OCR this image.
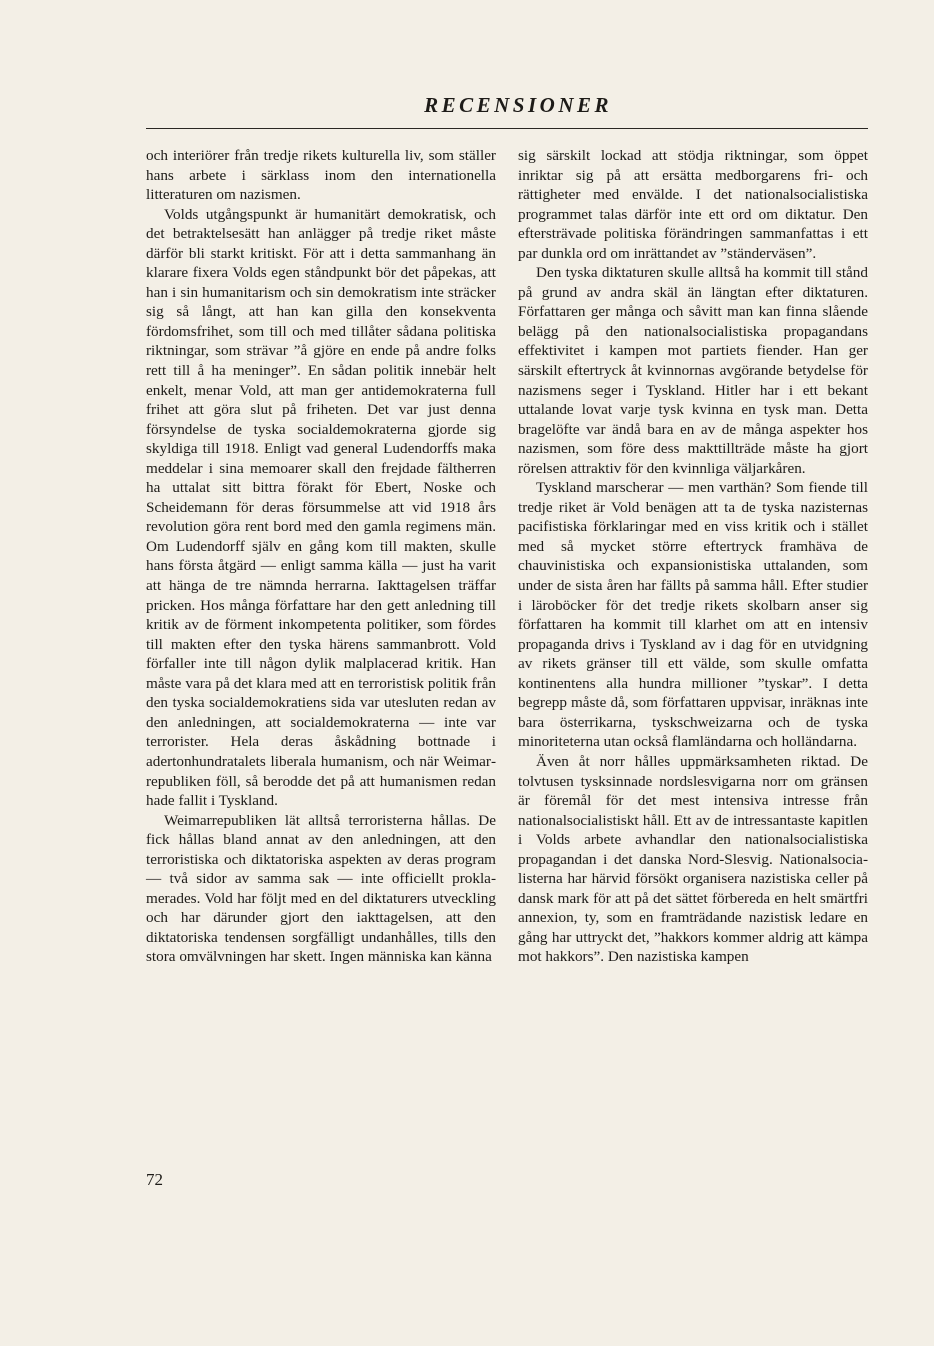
RECENSIONER

och interiörer från tredje rikets kulturella liv, som ställer hans arbete i särklass inom den internationella litteraturen om nazismen.

Volds utgångspunkt är humanitärt demokratisk, och det betraktelsesätt han anlägger på tredje riket måste därför bli starkt kritiskt. För att i detta sammanhang än klarare fixera Volds egen ståndpunkt bör det påpekas, att han i sin humanitarism och sin demokratism inte sträcker sig så långt, att han kan gilla den konsekventa fördomsfrihet, som till och med tillåter sådana politiska riktningar, som strävar ”å gjöre en ende på andre folks rett till å ha meninger”. En sådan politik innebär helt enkelt, menar Vold, att man ger antidemokraterna full frihet att göra slut på friheten. Det var just denna försyndelse de tyska socialdemokraterna gjorde sig skyldiga till 1918. Enligt vad general Ludendorffs maka meddelar i sina memoarer skall den frejdade fältherren ha uttalat sitt bittra förakt för Ebert, Noske och Scheidemann för deras försummelse att vid 1918 års revolution göra rent bord med den gamla regimens män. Om Ludendorff själv en gång kom till makten, skulle hans första åtgärd — enligt samma källa — just ha varit att hänga de tre nämnda herrarna. Iakttagelsen träffar pricken. Hos många författare har den gett anledning till kritik av de förment inkompetenta politiker, som fördes till makten efter den tyska härens sammanbrott. Vold förfaller inte till någon dylik malplacerad kritik. Han måste vara på det klara med att en terroristisk politik från den tyska socialdemokratiens sida var utesluten redan av den anledningen, att socialdemokraterna — inte var terrorister. Hela deras åskådning bottnade i adertonhundratalets liberala humanism, och när Weimarrepubliken föll, så berodde det på att humanismen redan hade fallit i Tyskland.

Weimarrepubliken lät alltså terroristerna hållas. De fick hållas bland annat av den anledningen, att den terroristiska och diktatoriska aspekten av deras program — två sidor av samma sak — inte officiellt proklamerades. Vold har följt med en del diktaturers utveckling och har därunder gjort den iakttagelsen, att den diktatoriska tendensen sorgfälligt undanhålles, tills den stora omvälvningen har skett. Ingen människa kan känna

sig särskilt lockad att stödja riktningar, som öppet inriktar sig på att ersätta medborgarens fri- och rättigheter med envälde. I det nationalsocialistiska programmet talas därför inte ett ord om diktatur. Den eftersträvade politiska förändringen sammanfattas i ett par dunkla ord om inrättandet av ”ständerväsen”.

Den tyska diktaturen skulle alltså ha kommit till stånd på grund av andra skäl än längtan efter diktaturen. Författaren ger många och såvitt man kan finna slående belägg på den nationalsocialistiska propagandans effektivitet i kampen mot partiets fiender. Han ger särskilt eftertryck åt kvinnornas avgörande betydelse för nazismens seger i Tyskland. Hitler har i ett bekant uttalande lovat varje tysk kvinna en tysk man. Detta bragelöfte var ändå bara en av de många aspekter hos nazismen, som före dess makttillträde måste ha gjort rörelsen attraktiv för den kvinnliga väljarkåren.

Tyskland marscherar — men varthän? Som fiende till tredje riket är Vold benägen att ta de tyska nazisternas pacifistiska förklaringar med en viss kritik och i stället med så mycket större eftertryck framhäva de chauvinistiska och expansionistiska uttalanden, som under de sista åren har fällts på samma håll. Efter studier i läroböcker för det tredje rikets skolbarn anser sig författaren ha kommit till klarhet om att en intensiv propaganda drivs i Tyskland av i dag för en utvidgning av rikets gränser till ett välde, som skulle omfatta kontinentens alla hundra millioner ”tyskar”. I detta begrepp måste då, som författaren uppvisar, inräknas inte bara österrikarna, tyskschweizarna och de tyska minoriteterna utan också flamländarna och holländarna.

Även åt norr hålles uppmärksamheten riktad. De tolvtusen tysksinnade nordslesvigarna norr om gränsen är föremål för det mest intensiva intresse från nationalsocialistiskt håll. Ett av de intressantaste kapitlen i Volds arbete avhandlar den nationalsocialistiska propagandan i det danska Nord-Slesvig. Nationalsocialisterna har härvid försökt organisera nazistiska celler på dansk mark för att på det sättet förbereda en helt smärtfri annexion, ty, som en framträdande nazistisk ledare en gång har uttryckt det, ”hakkors kommer aldrig att kämpa mot hakkors”. Den nazistiska kampen

72
